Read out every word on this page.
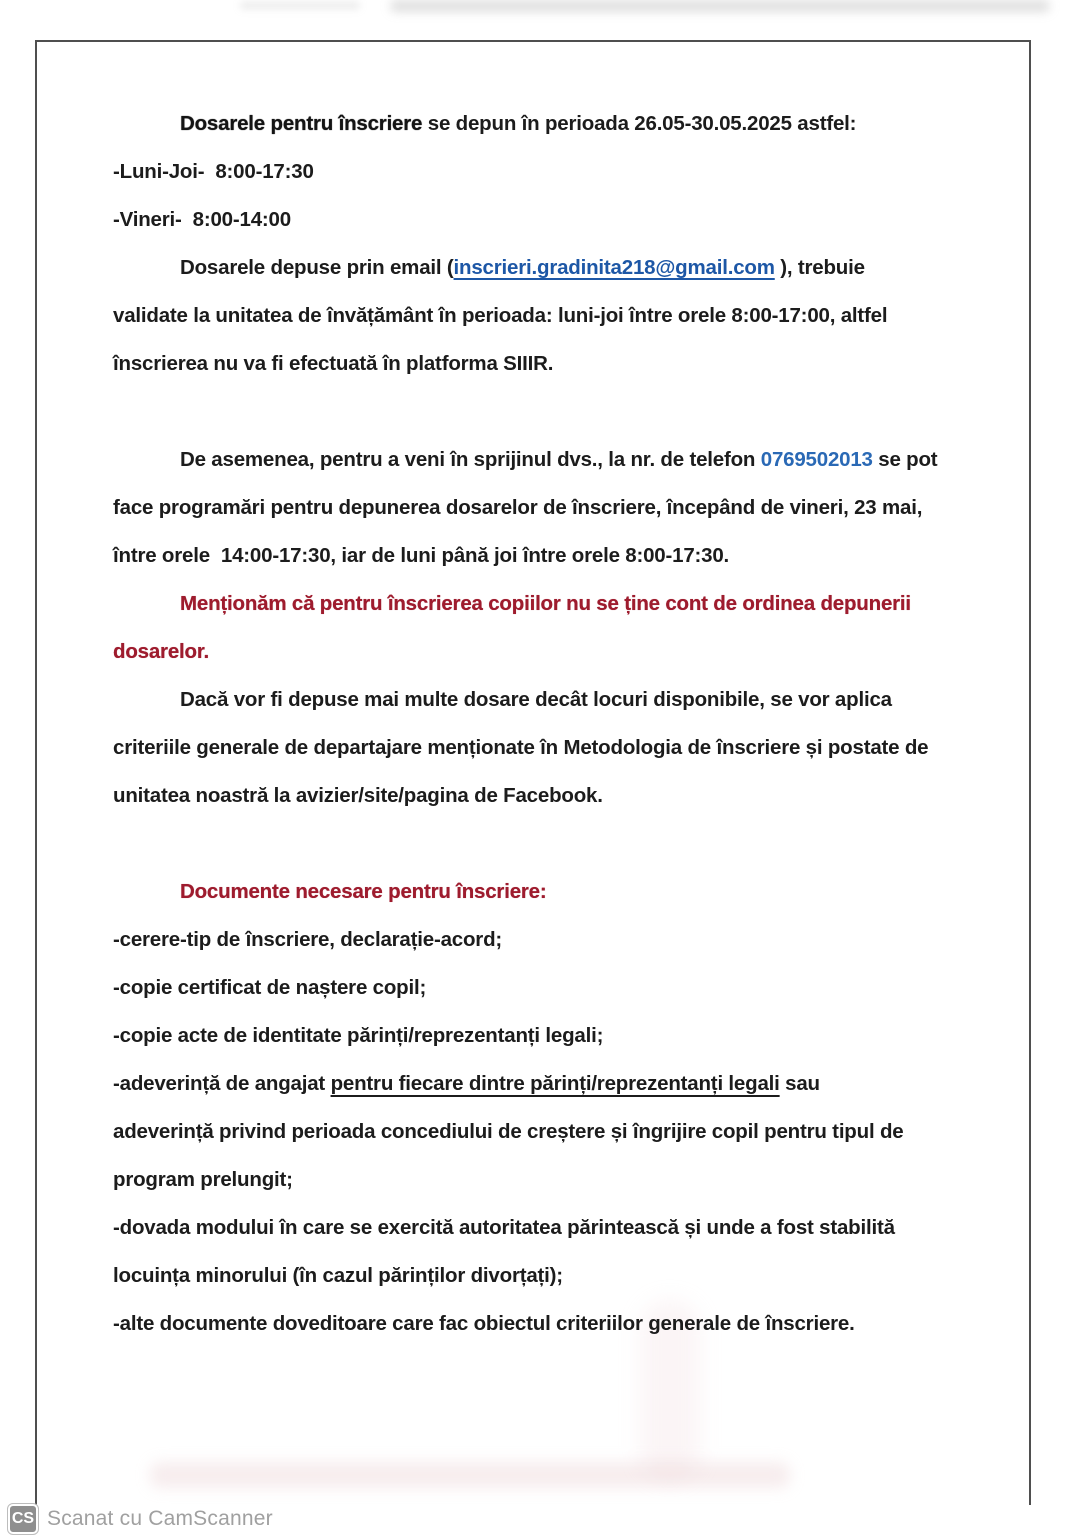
Dosarele pentru înscriere se depun în perioada 26.05-30.05.2025 astfel:
-Luni-Joi-  8:00-17:30
-Vineri-  8:00-14:00
Dosarele depuse prin email (inscrieri.gradinita218@gmail.com ), trebuie
validate la unitatea de învățământ în perioada: luni-joi între orele 8:00-17:00, altfel
înscrierea nu va fi efectuată în platforma SIIIR.
De asemenea, pentru a veni în sprijinul dvs., la nr. de telefon 0769502013 se pot
face programări pentru depunerea dosarelor de înscriere, începând de vineri, 23 mai,
între orele  14:00-17:30, iar de luni până joi între orele 8:00-17:30.
Menționăm că pentru înscrierea copiilor nu se ține cont de ordinea depunerii
dosarelor.
Dacă vor fi depuse mai multe dosare decât locuri disponibile, se vor aplica
criteriile generale de departajare menționate în Metodologia de înscriere și postate de
unitatea noastră la avizier/site/pagina de Facebook.
Documente necesare pentru înscriere:
-cerere-tip de înscriere, declarație-acord;
-copie certificat de naștere copil;
-copie acte de identitate părinți/reprezentanți legali;
-adeverință de angajat pentru fiecare dintre părinți/reprezentanți legali sau
adeverință privind perioada concediului de creștere și îngrijire copil pentru tipul de
program prelungit;
-dovada modului în care se exercită autoritatea părintească și unde a fost stabilită
locuința minorului (în cazul părinților divorțați);
-alte documente doveditoare care fac obiectul criteriilor generale de înscriere.
CS Scanat cu CamScanner
